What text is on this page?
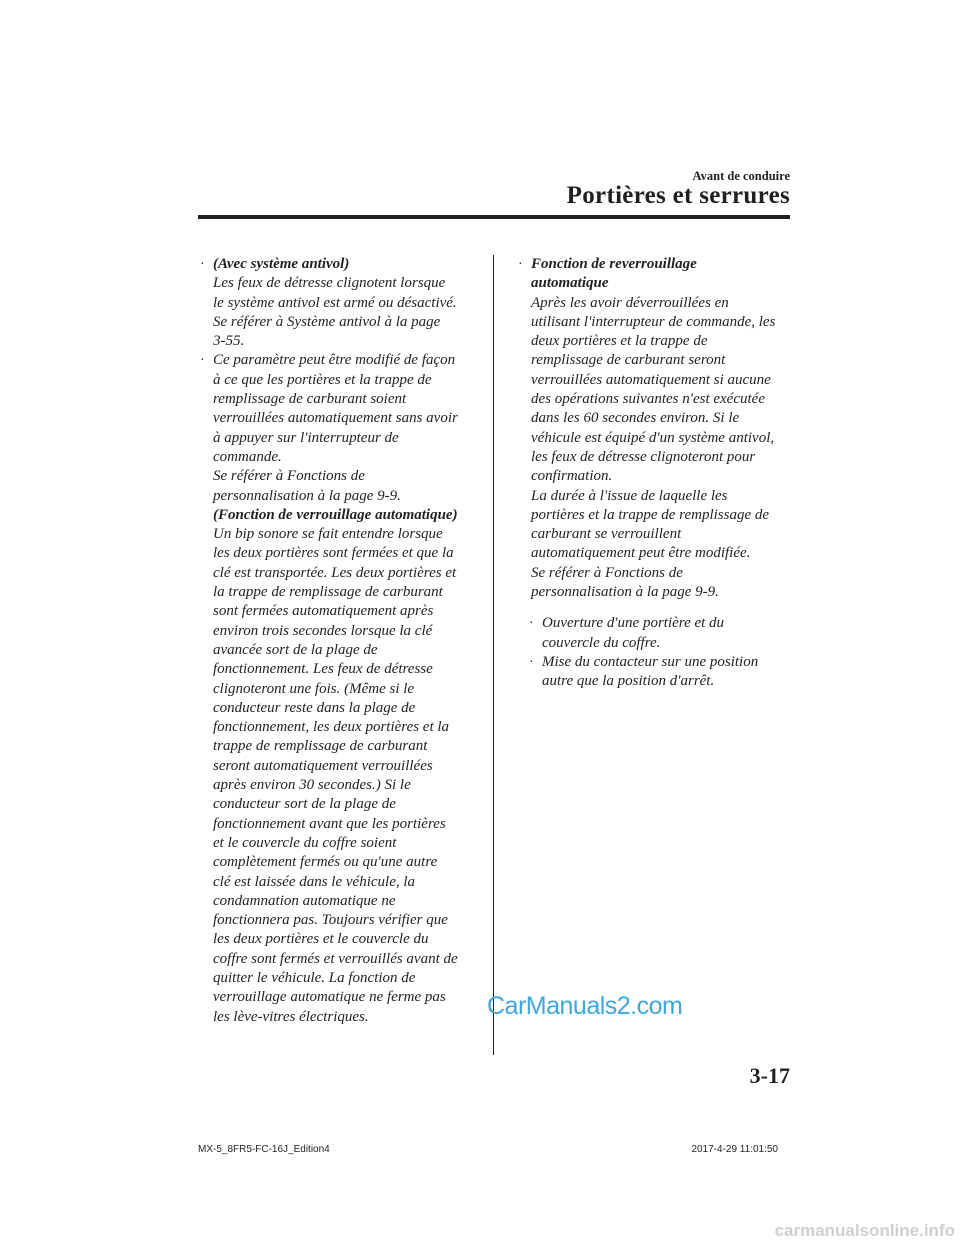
Avant de conduire
Portières et serrures
· (Avec système antivol)
Les feux de détresse clignotent lorsque
le système antivol est armé ou désactivé.
Se référer à Système antivol à la page
3-55.
· Ce paramètre peut être modifié de façon
à ce que les portières et la trappe de
remplissage de carburant soient
verrouillées automatiquement sans avoir
à appuyer sur l'interrupteur de
commande.
Se référer à Fonctions de
personnalisation à la page 9-9.
(Fonction de verrouillage automatique)
Un bip sonore se fait entendre lorsque
les deux portières sont fermées et que la
clé est transportée. Les deux portières et
la trappe de remplissage de carburant
sont fermées automatiquement après
environ trois secondes lorsque la clé
avancée sort de la plage de
fonctionnement. Les feux de détresse
clignoteront une fois. (Même si le
conducteur reste dans la plage de
fonctionnement, les deux portières et la
trappe de remplissage de carburant
seront automatiquement verrouillées
après environ 30 secondes.) Si le
conducteur sort de la plage de
fonctionnement avant que les portières
et le couvercle du coffre soient
complètement fermés ou qu'une autre
clé est laissée dans le véhicule, la
condamnation automatique ne
fonctionnera pas. Toujours vérifier que
les deux portières et le couvercle du
coffre sont fermés et verrouillés avant de
quitter le véhicule. La fonction de
verrouillage automatique ne ferme pas
les lève-vitres électriques.
· Fonction de reverrouillage
automatique
Après les avoir déverrouillées en
utilisant l'interrupteur de commande, les
deux portières et la trappe de
remplissage de carburant seront
verrouillées automatiquement si aucune
des opérations suivantes n'est exécutée
dans les 60 secondes environ. Si le
véhicule est équipé d'un système antivol,
les feux de détresse clignoteront pour
confirmation.
La durée à l'issue de laquelle les
portières et la trappe de remplissage de
carburant se verrouillent
automatiquement peut être modifiée.
Se référer à Fonctions de
personnalisation à la page 9-9.
· Ouverture d'une portière et du
couvercle du coffre.
· Mise du contacteur sur une position
autre que la position d'arrêt.
CarManuals2.com
3-17
MX-5_8FR5-FC-16J_Edition4	2017-4-29 11:01:50
carmanualsonline.info
